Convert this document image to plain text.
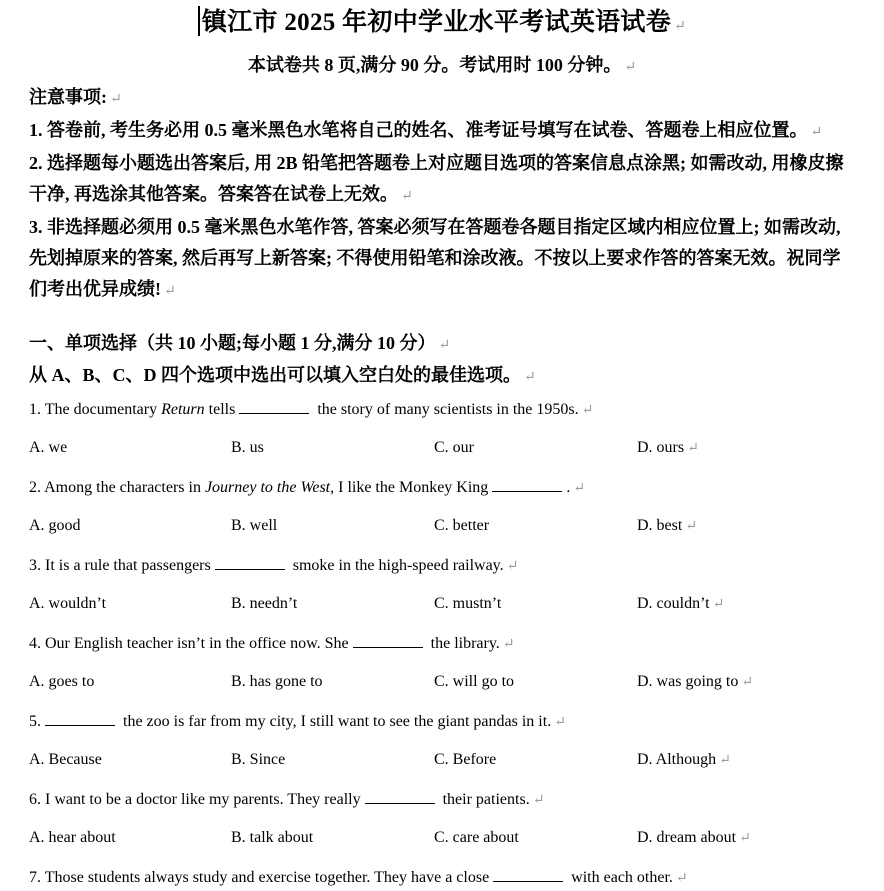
镇江市 2025 年初中学业水平考试英语试卷 ↵
本试卷共 8 页,满分 90 分。考试用时 100 分钟。 ↵

注意事项: ↵

1. 答卷前, 考生务必用 0.5 毫米黑色水笔将自己的姓名、准考证号填写在试卷、答题卷上相应位置。 ↵

2. 选择题每小题选出答案后, 用 2B 铅笔把答题卷上对应题目选项的答案信息点涂黑; 如需改动, 用橡皮擦干净, 再选涂其他答案。答案答在试卷上无效。 ↵

3. 非选择题必须用 0.5 毫米黑色水笔作答, 答案必须写在答题卷各题目指定区域内相应位置上; 如需改动, 先划掉原来的答案, 然后再写上新答案; 不得使用铅笔和涂改液。不按以上要求作答的答案无效。祝同学们考出优异成绩! ↵

一、单项选择（共 10 小题;每小题 1 分,满分 10 分） ↵
从 A、B、C、D 四个选项中选出可以填入空白处的最佳选项。 ↵
1. The documentary Return tells	the story of many scientists in the 1950s. ↵
A. we	B. us	C. our	D. ours ↵
2. Among the characters in Journey to the West, I like the Monkey King	. ↵
A. good	B. well	C. better	D. best ↵
3. It is a rule that passengers	smoke in the high-speed railway. ↵
A. wouldn’t	B. needn’t	C. mustn’t	D. couldn’t ↵
4. Our English teacher isn’t in the office now. She	the library. ↵
A. goes to	B. has gone to	C. will go to	D. was going to ↵
5.	the zoo is far from my city, I still want to see the giant pandas in it. ↵
A. Because	B. Since	C. Before	D. Although ↵
6. I want to be a doctor like my parents. They really	their patients. ↵
A. hear about	B. talk about	C. care about	D. dream about ↵
7. Those students always study and exercise together. They have a close	with each other. ↵
